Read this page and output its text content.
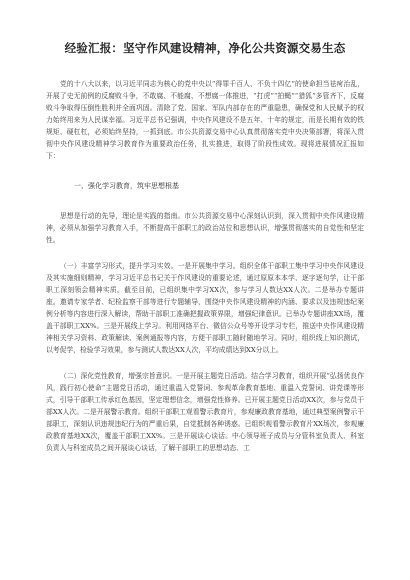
经验汇报：坚守作风建设精神，净化公共资源交易生态

党的十八大以来，以习近平同志为核心的党中央以“得罪千百人、不负十四亿”的使命担当祛疴治乱，开展了史无前例的反腐败斗争，不敢腐、不能腐、不想腐一体推进，“打虎”“拍蝇”“猎狐”多管齐下，反腐败斗争取得压倒性胜利并全面巩固。清除了党、国家、军队内部存在的严重隐患，确保党和人民赋予的权力始终用来为人民谋幸福。习近平总书记强调，中央作风建设不是五年、十年的规定，而是长期有效的铁规矩、硬杠杠，必须始终坚持，一抓到底。市公共资源交易中心认真贯彻落实党中央决策部署，将深入贯彻中央作风建设精神学习教育作为重要政治任务，扎实推进，取得了阶段性成效。现将进展情况汇报如下：

一、强化学习教育，筑牢思想根基

思想是行动的先导，理论是实践的指南。市公共资源交易中心深刻认识到，深入贯彻中央作风建设精神，必须从加强学习教育入手，不断提高干部职工的政治站位和思想认识，增强贯彻落实的自觉性和坚定性。

（一）丰富学习形式，提升学习实效。一是开展集中学习。组织全体干部职工集中学习中央作风建设及其实施细则精神，学习习近平总书记关于作风建设的重要论述，通过原原本本学、逐字逐句学，让干部职工深刻领会精神实质。截至目前，已组织集中学习XX次，参与学习人数达XX人次。二是举办专题讲座。邀请专家学者、纪检监察干部等进行专题辅导，围绕中央作风建设精神的内涵、要求以及违规违纪案例分析等内容进行深入解读，帮助干部职工准确把握政策界限，增强纪律意识。已举办专题讲座XX场，覆盖干部职工XX%。三是开展线上学习。利用网络平台、微信公众号等开设学习专栏，推送中央作风建设精神相关学习资料、政策解读、案例通报等内容，方便干部职工随时随地学习。同时，组织线上知识测试，以考促学，检验学习效果，参与测试人数达XX人次，平均成绩达到XX分以上。

（二）深化党性教育，增强宗旨意识。一是开展主题党日活动。结合学习教育，组织开展“弘扬优良作风，践行初心使命”主题党日活动，通过重温入党誓词、参观革命教育基地、重温入党誓词、讲党课等形式，引导干部职工传承红色基因，坚定理想信念，增强党性修养。已开展主题党日活动XX次，参与党员干部XX人次。二是开展警示教育。组织干部职工观看警示教育片，参观廉政教育基地，通过典型案例警示干部职工，深刻认识违规违纪行为的严重后果，自觉抵制各种诱惑。已组织观看警示教育片XX场次，参观廉政教育基地XX次，覆盖干部职工XX%。三是开展谈心谈话。中心领导班子成员与分管科室负责人、科室负责人与科室成员之间开展谈心谈话，了解干部职工的思想动态、工
